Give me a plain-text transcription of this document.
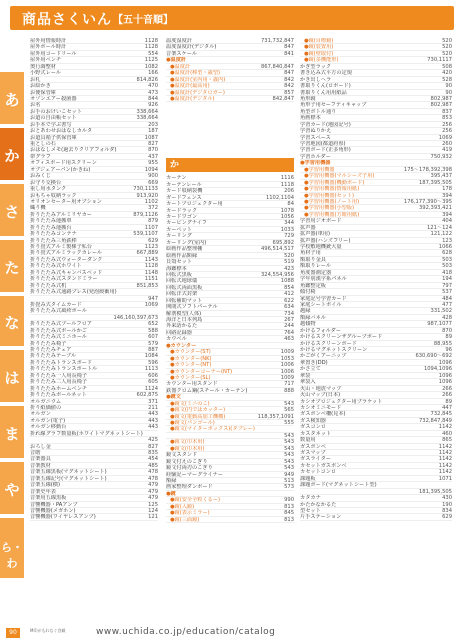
商品さくいん 【五十音順】
あ
か
さ
た
な
は
ま
や
ら・わ
屋外用情報時計	1128
屋外ポール時計	1128
屋外用コードリール	554
屋外用ベンチ	1125
奥行調整材	1082
小野式レール	166
お札	814,826
お絵かき	470
お便保管庫	473
オゾンエアー殺菌器	844
お名	926
お手のおけいこセット	338,664
お道の自由帳セット	338,664
お手本で学ぶ書写	203
おとあわせおはなしカルタ	187
お道具箱子供保管庫	1087
重としの石	827
おはなしメモ(過去りクリアフォルダ)	870
帯グラフ	437
オフィスボード用スクリーン	955
オブジェアーパン(かきね)	1094
おみくじ	900
お守り交換台	669
重し用水タンク	730,1133
おもちゃ収納ラック	913,920
オリオンセーター用オプション	1102
織り機	372
折りたたみアルミリヤカー	879,1126
折りたたみ運搬車	879
折りたたみ運搬台	1107
折りたたみコンテナ	539,1107
折りたたみ三角鉄棒	629
折り畳式アルミ製梯子私台	1123
折り畳式アルミラックカレール	667,889
折りたたみ式ウォーターダンク	1143
折りたたみ式ホワイト	1128
折りたたみ式キャンバスベッド	1148
折りたたみ式スタンドミラー	1151
折りたたみ式机	851,853
折りたたみ式通路プレス(発泡緩衝用)
947
折畳み式タイムカード	1069
折りたたみ式風疹ポール
146,160,397,673
折りたたみ式プールフロア	652
折りたたみ式ボールかご	588
折りたたみ式ミニホール	607
折りたたみ椅子	579
折りたたみチェア	887
折りたたみテーブル	1084
折りたたみトランスボード	596
折りたたみトランスポートル	1113
折りたたみ一人用長椅子	606
折りたたみ二人用長椅子	605
折りたたみホームベンチ	1124
折りたたみボールネット	602,875
オルガニウム	371
折り紙価値の	211
オルガン	443
オルガン(電子)	443
オルガン移動台	443
折れ線グラフ数量板(ホワイトマグネットシート)
425
おろし金	827
音階	835
音楽器具	454
音楽教材	485
音楽五線黒板(マグネットシート)	478
音楽五線記号(マグネットシート)	478
音楽五線(横)	479
音楽史年表	479
音楽用五線黒板	479
音響機器・PAアンプ	125
音響機器(メガホン)	124
音響機器(ワイヤレスアンプ)	121
温度湿度計	731,732,847
温度湿度計(デジタル)	847
音楽スケール	841
●温度計
●温度計	867,840,847
●温度計(棒型・歳型)	847
●温度計(室内用・歳内)	842
●温度計(最高用)	842
●温度計(デジタロガー)	857
●温度計(デジタル)	842,847
か
カーテン	1116
カーテンレール	1118
カード収納袋機	206
ガードフェンス	1102,1104
カートプロジェクター用	84
カードラック	1078
カードワゴン	1056
カービングナイフ	344
カーペット	1033
カーリング	729
カーリング(室内)	695,892
絵画作品整理棚	496,514,517
絵画作品額縁	520
貝殻セット	519
海鑑標本	423
回転式黒板	324,554,956
回転式地球儀	1088
回転式両面黒板	854
回転洋式封架	412
回転補助マット	622
開閉式ソフトパーテル	634
解剖模型(人体)	734
海洋と日本列島	267
外来語かるた	244
回路記録器	764
カウベル	463
●カウンター
●カウンター(ST)	1009
●カウンター(NK)	1053
●カウンター(NT)	1006
●カウンターコーナー(NT)	1006
●カウンター(SL)	1009
カウンター用スタンド	717
鉄器クロム鋼(スチール・カーテン)	888
●鏡文
●鏡文(ミニのこ)	543
●鏡文(円ではカッター)	565
●鏡文(電動高加工機構)	118,357,1091
●鏡文(パンゴール)	555
●鏡文(マイターボックス)(タブレー)
543
●鏡文(巾木用)	543
●鏡文(巾木用)	543
鏡文スタンド	543
鏡文付えのこぎり	543
鏡文付両刃のこぎり	543
経験記ーマーグライナー	949
額縁	513
画家整理ダンボード	573
●鏡
●鏡(安全全粒くるー)	990
●鏡(入鏡)	813
●鏡(表示ミラー)	845
●鏡(三面鏡)	813
●鏡(目標鏡)	520
●鏡(装置用)	520
●鏡(壁取付)	520
●鏡(多機能形)	730,1117
かぎ型ラック	508
書き込み式平方の定規	420
かき出しヘラ	528
書取りくん(ロボード)	90
書取りくん用用紙品	90
角形鏡	802,987
角形子用セーフティキャップ	802,987
角型ボトル通り	837
角画標本	853
学習カード(地図記号)	256
学習ぬりかえ	256
学習スペース	1069
学習地図(都道府県)	260
学習ボード(正多角形)	419
学習ホルダー	750,932
●学習用機器
●学習用機器	175〜178,392,398
●学習用機器(マルシーズ子用)	395,437
●学習用機器(機動ボード)	187,395,505
●学習用機器(情報用紙)	178
●学習用機器(セット)	394
●学習用機器(ノート用)	176,177,390〜395
●学習用機器(小型版)	392,393,421
●学習用機器(方眼用紙)	394
学習用ジオボード	404
拡声器	121〜124
拡声器(車用)	121,122
拡声器(ハンズフリー)	123
学校敷地機銃大量	1066
角材子用	628
額取り金具	503
額取りレール	503
角度器測定器	418
学年別漢字系パネル	194
角鑑整定板	797
傾付椅	537
家庭記号学習カード	484
家庭シートボイル	477
越縁	331,502
額縁バネル	428
越傾物	987,1077
かけるフォルダー	870
かけるスクリーンザグループボード	89
かけるスクリーンボード	88,955
かけるマグネットスクリーン	96
かごがくアーニップ	630,690〜692
傘置き(DD)	1096
かさ立て	1094,1096
傘袋	1096
傘袋入	1096
火山・地震マップ	266
火山マップ(日本)	266
カシオプロジェクター用ブラケット	89
カシオミニモード	447
ガスボンベ柵(見本)	732,845
ガス検知器	732,847,849
ガスコンロ	1142
カスタネット	460
数量用	865
ガスボンベ	1142
ガスマップ	1142
ガスライター	1142
カセットガスボンベ	1142
カセットコンロ	1142
課題板	1071
課題ボード(マグネットシート型)
181,395,505
カタカナ	430
かたかなかるた	190
型セット	834
片手ステーション	629
90	M印がもれなぐ登載	www.uchida.co.jp/education/catalog
